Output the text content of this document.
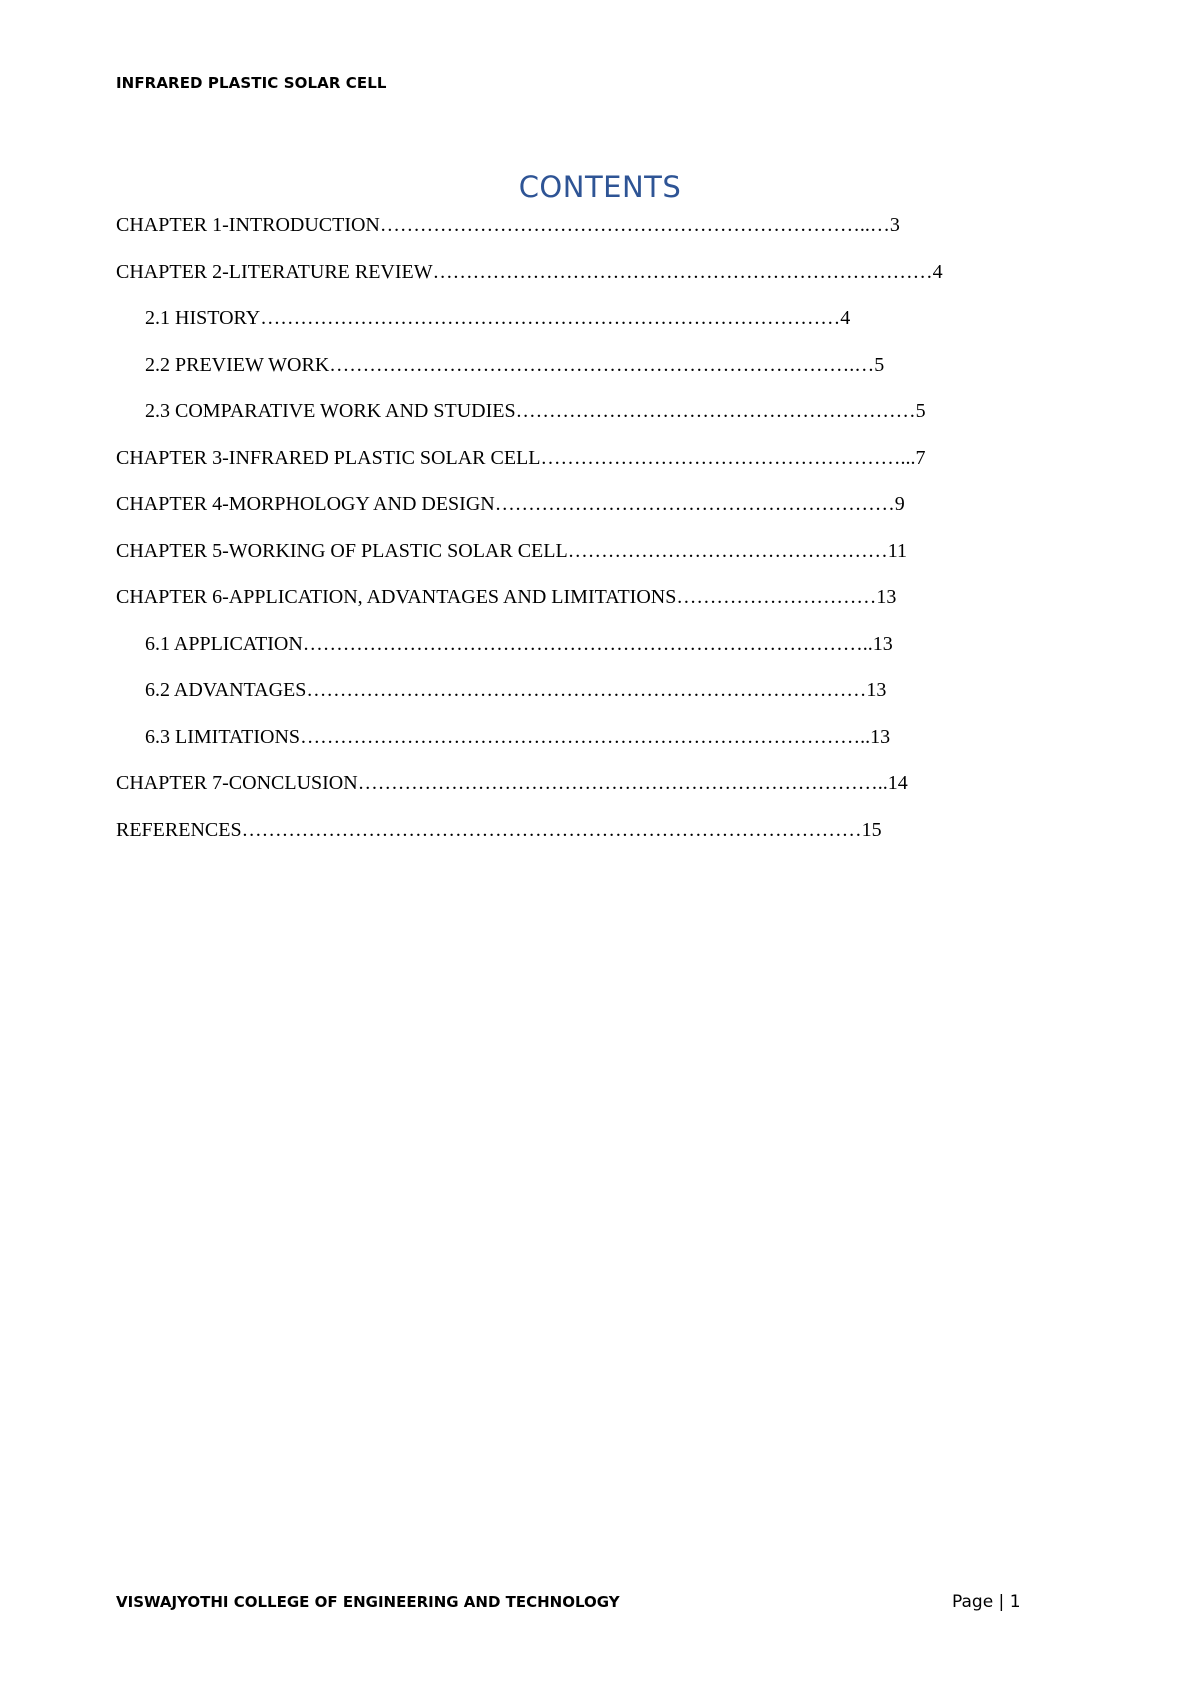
INFRARED PLASTIC SOLAR CELL
CONTENTS
CHAPTER 1-INTRODUCTION ………………………………………………………………..… 3
CHAPTER 2-LITERATURE REVIEW ………………………………………………………………… 4
2.1 HISTORY …………………………………………………………………………… 4
2.2 PREVIEW WORK …………………………………………………………………….… 5
2.3 COMPARATIVE WORK AND STUDIES …………………………………………………… 5
CHAPTER 3-INFRARED PLASTIC SOLAR CELL ………………………………………………... 7
CHAPTER 4-MORPHOLOGY AND DESIGN …………………………………………………… 9
CHAPTER 5-WORKING OF PLASTIC SOLAR CELL ………………………………………… 11
CHAPTER 6-APPLICATION, ADVANTAGES AND LIMITATIONS ………………………… 13
6.1 APPLICATION ………………………………………………………………………….. 13
6.2 ADVANTAGES ………………………………………………………………………… 13
6.3 LIMITATIONS ………………………………………………………………………….. 13
CHAPTER 7-CONCLUSION …………………………………………………………………….. 14
REFERENCES ………………………………………………………………………………… 15
VISWAJYOTHI COLLEGE OF ENGINEERING AND TECHNOLOGY	Page | 1
